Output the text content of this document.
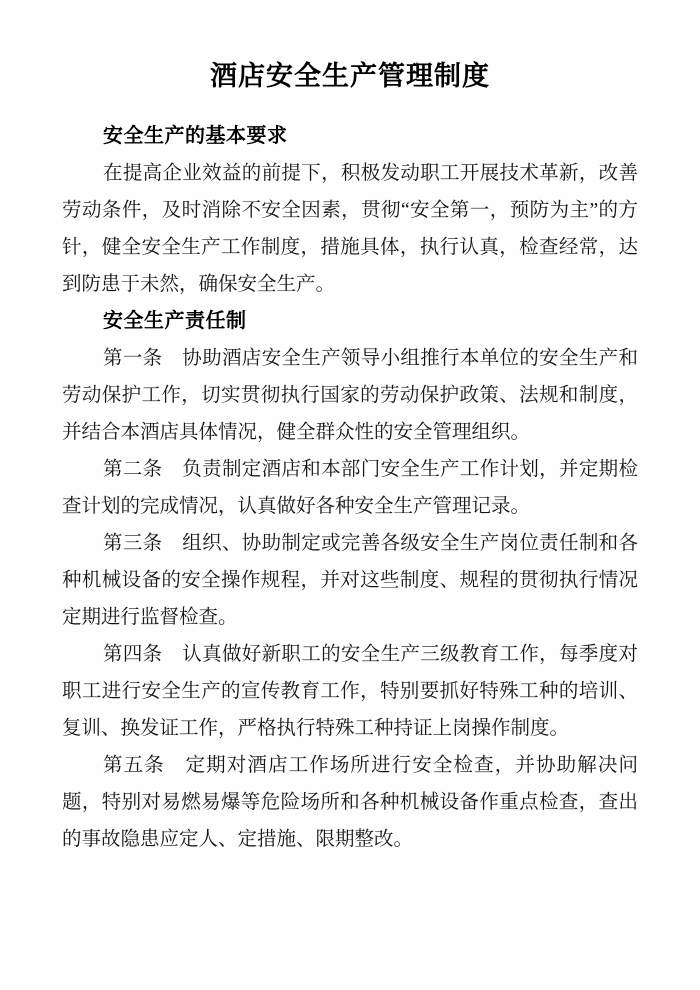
酒店安全生产管理制度
安全生产的基本要求

在提高企业效益的前提下，积极发动职工开展技术革新，改善劳动条件，及时消除不安全因素，贯彻“安全第一，预防为主”的方针，健全安全生产工作制度，措施具体，执行认真，检查经常，达到防患于未然，确保安全生产。

安全生产责任制

第一条　协助酒店安全生产领导小组推行本单位的安全生产和劳动保护工作，切实贯彻执行国家的劳动保护政策、法规和制度，并结合本酒店具体情况，健全群众性的安全管理组织。

第二条　负责制定酒店和本部门安全生产工作计划，并定期检查计划的完成情况，认真做好各种安全生产管理记录。

第三条　组织、协助制定或完善各级安全生产岗位责任制和各种机械设备的安全操作规程，并对这些制度、规程的贯彻执行情况定期进行监督检查。

第四条　认真做好新职工的安全生产三级教育工作，每季度对职工进行安全生产的宣传教育工作，特别要抓好特殊工种的培训、复训、换发证工作，严格执行特殊工种持证上岗操作制度。

第五条　定期对酒店工作场所进行安全检查，并协助解决问题，特别对易燃易爆等危险场所和各种机械设备作重点检查，查出的事故隐患应定人、定措施、限期整改。
